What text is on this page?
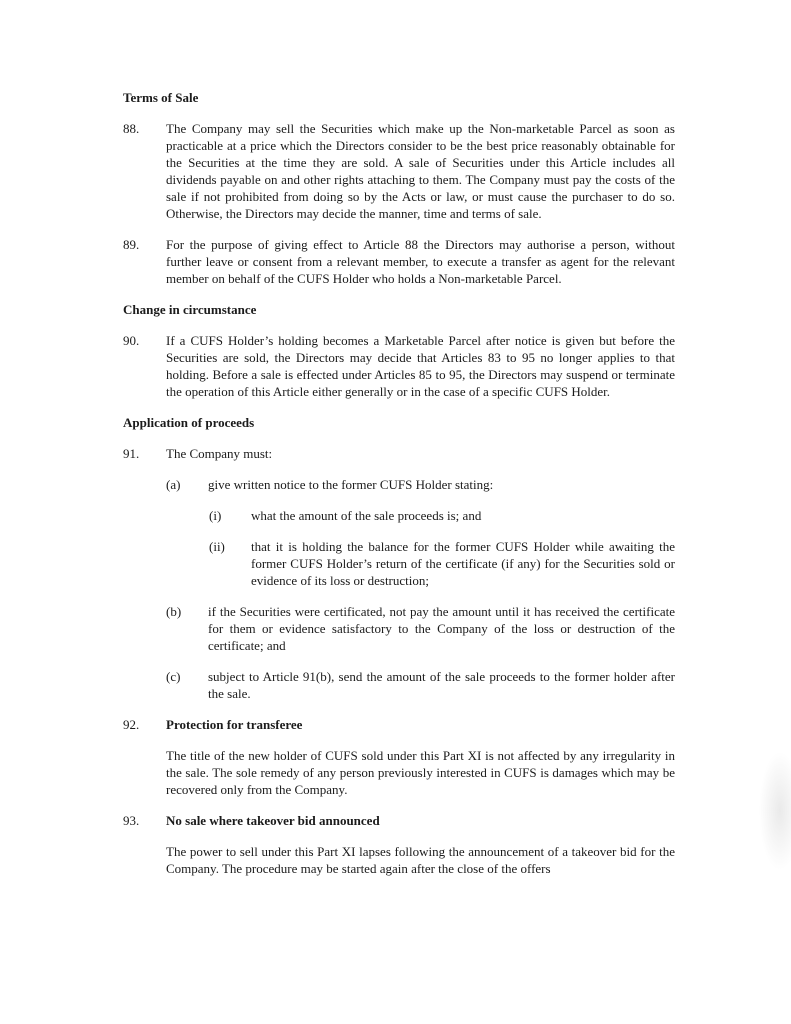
Terms of Sale
88.	The Company may sell the Securities which make up the Non-marketable Parcel as soon as practicable at a price which the Directors consider to be the best price reasonably obtainable for the Securities at the time they are sold. A sale of Securities under this Article includes all dividends payable on and other rights attaching to them. The Company must pay the costs of the sale if not prohibited from doing so by the Acts or law, or must cause the purchaser to do so. Otherwise, the Directors may decide the manner, time and terms of sale.
89.	For the purpose of giving effect to Article 88 the Directors may authorise a person, without further leave or consent from a relevant member, to execute a transfer as agent for the relevant member on behalf of the CUFS Holder who holds a Non-marketable Parcel.
Change in circumstance
90.	If a CUFS Holder’s holding becomes a Marketable Parcel after notice is given but before the Securities are sold, the Directors may decide that Articles 83 to 95 no longer applies to that holding. Before a sale is effected under Articles 85 to 95, the Directors may suspend or terminate the operation of this Article either generally or in the case of a specific CUFS Holder.
Application of proceeds
91.	The Company must:
(a)	give written notice to the former CUFS Holder stating:
(i)	what the amount of the sale proceeds is; and
(ii)	that it is holding the balance for the former CUFS Holder while awaiting the former CUFS Holder’s return of the certificate (if any) for the Securities sold or evidence of its loss or destruction;
(b)	if the Securities were certificated, not pay the amount until it has received the certificate for them or evidence satisfactory to the Company of the loss or destruction of the certificate; and
(c)	subject to Article 91(b), send the amount of the sale proceeds to the former holder after the sale.
92.	Protection for transferee
The title of the new holder of CUFS sold under this Part XI is not affected by any irregularity in the sale. The sole remedy of any person previously interested in CUFS is damages which may be recovered only from the Company.
93.	No sale where takeover bid announced
The power to sell under this Part XI lapses following the announcement of a takeover bid for the Company. The procedure may be started again after the close of the offers
